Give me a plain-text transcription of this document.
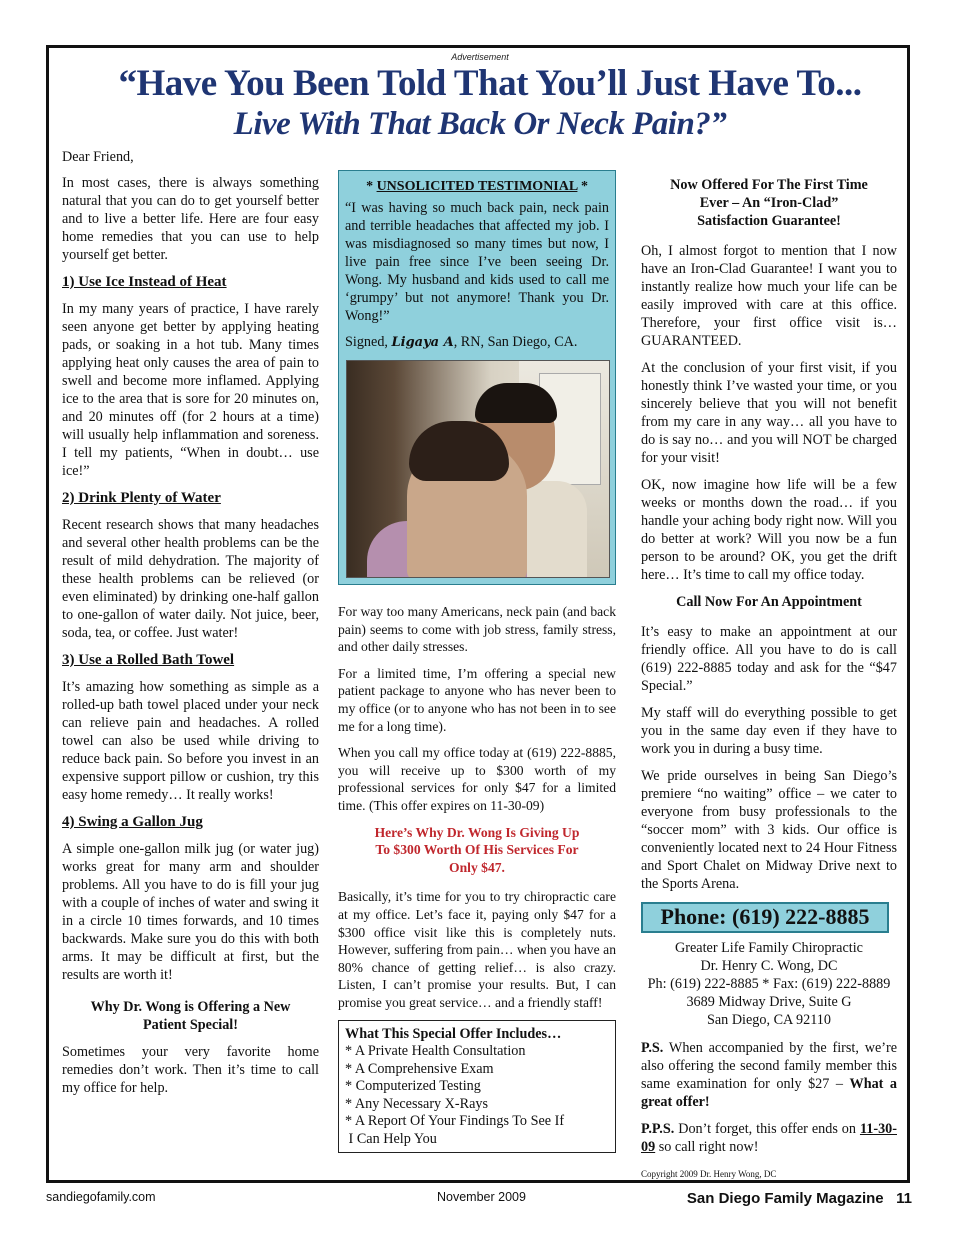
Advertisement
“Have You Been Told That You’ll Just Have To...
Live With That Back Or Neck Pain?”

Dear Friend,

In most cases, there is always something natural that you can do to get yourself better and to live a better life. Here are four easy home remedies that you can use to help yourself get better.

1) Use Ice Instead of Heat

In my many years of practice, I have rarely seen anyone get better by applying heating pads, or soaking in a hot tub. Many times applying heat only causes the area of pain to swell and become more inflamed. Applying ice to the area that is sore for 20 minutes on, and 20 minutes off (for 2 hours at a time) will usually help inflammation and soreness. I tell my patients, “When in doubt… use ice!”

2) Drink Plenty of Water

Recent research shows that many headaches and several other health problems can be the result of mild dehydration. The majority of these health problems can be relieved (or even eliminated) by drinking one-half gallon to one-gallon of water daily. Not juice, beer, soda, tea, or coffee. Just water!

3) Use a Rolled Bath Towel

It’s amazing how something as simple as a rolled-up bath towel placed under your neck can relieve pain and headaches. A rolled towel can also be used while driving to reduce back pain. So before you invest in an expensive support pillow or cushion, try this easy home remedy… It really works!

4) Swing a Gallon Jug

A simple one-gallon milk jug (or water jug) works great for many arm and shoulder problems. All you have to do is fill your jug with a couple of inches of water and swing it in a circle 10 times forwards, and 10 times backwards. Make sure you do this with both arms. It may be difficult at first, but the results are worth it!

Why Dr. Wong is Offering a New Patient Special!

Sometimes your very favorite home remedies don’t work. Then it’s time to call my office for help.

* UNSOLICITED TESTIMONIAL *

“I was having so much back pain, neck pain and terrible headaches that affected my job. I was misdiagnosed so many times but now, I live pain free since I’ve been seeing Dr. Wong. My husband and kids used to call me ‘grumpy’ but not anymore! Thank you Dr. Wong!”

Signed, Ligaya A, RN, San Diego, CA.

For way too many Americans, neck pain (and back pain) seems to come with job stress, family stress, and other daily stresses.

For a limited time, I’m offering a special new patient package to anyone who has never been to my office (or to anyone who has not been in to see me for a long time).

When you call my office today at (619) 222-8885, you will receive up to $300 worth of my professional services for only $47 for a limited time. (This offer expires on 11-30-09)

Here’s Why Dr. Wong Is Giving Up To $300 Worth Of His Services For Only $47.

Basically, it’s time for you to try chiropractic care at my office. Let’s face it, paying only $47 for a $300 office visit like this is completely nuts. However, suffering from pain… when you have an 80% chance of getting relief… is also crazy. Listen, I can’t promise your results. But, I can promise you great service… and a friendly staff!

What This Special Offer Includes…

* A Private Health Consultation

* A Comprehensive Exam

* Computerized Testing

* Any Necessary X-Rays

* A Report Of Your Findings To See If

I Can Help You

Now Offered For The First Time Ever – An “Iron-Clad” Satisfaction Guarantee!

Oh, I almost forgot to mention that I now have an Iron-Clad Guarantee! I want you to instantly realize how much your life can be easily improved with care at this office. Therefore, your first office visit is… GUARANTEED.

At the conclusion of your first visit, if you honestly think I’ve wasted your time, or you sincerely believe that you will not benefit from my care in any way… all you have to do is say no… and you will NOT be charged for your visit!

OK, now imagine how life will be a few weeks or months down the road… if you handle your aching body right now. Will you do better at work? Will you now be a fun person to be around? OK, you get the drift here… It’s time to call my office today.

Call Now For An Appointment

It’s easy to make an appointment at our friendly office. All you have to do is call (619) 222-8885 today and ask for the “$47 Special.”

My staff will do everything possible to get you in the same day even if they have to work you in during a busy time.

We pride ourselves in being San Diego’s premiere “no waiting” office – we cater to everyone from busy professionals to the “soccer mom” with 3 kids. Our office is conveniently located next to 24 Hour Fitness and Sport Chalet on Midway Drive next to the Sports Arena.

Phone: (619) 222-8885
Greater Life Family Chiropractic
Dr. Henry C. Wong, DC
Ph: (619) 222-8885 * Fax: (619) 222-8889
3689 Midway Drive, Suite G
San Diego, CA 92110

P.S. When accompanied by the first, we’re also offering the second family member this same examination for only $27 – What a great offer!

P.P.S. Don’t forget, this offer ends on 11-30-09 so call right now!

Copyright 2009 Dr. Henry Wong, DC

sandiegofamily.com	November 2009	San Diego Family Magazine 11
